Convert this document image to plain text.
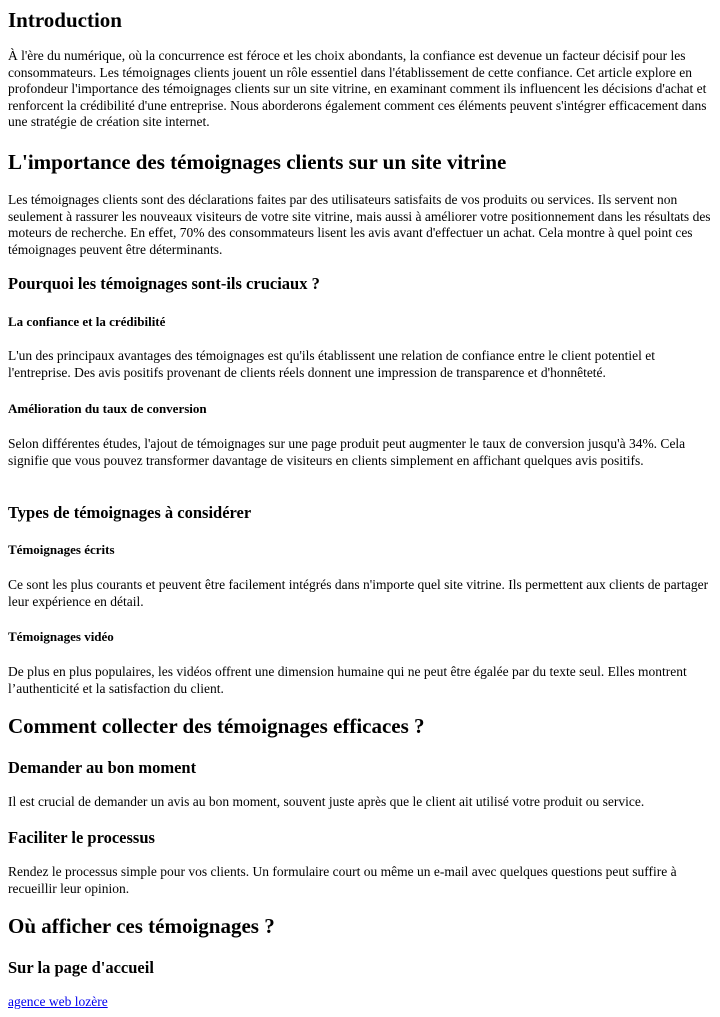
Introduction

À l'ère du numérique, où la concurrence est féroce et les choix abondants, la confiance est devenue un facteur décisif pour les consommateurs. Les témoignages clients jouent un rôle essentiel dans l'établissement de cette confiance. Cet article explore en profondeur l'importance des témoignages clients sur un site vitrine, en examinant comment ils influencent les décisions d'achat et renforcent la crédibilité d'une entreprise. Nous aborderons également comment ces éléments peuvent s'intégrer efficacement dans une stratégie de création site internet.

L'importance des témoignages clients sur un site vitrine

Les témoignages clients sont des déclarations faites par des utilisateurs satisfaits de vos produits ou services. Ils servent non seulement à rassurer les nouveaux visiteurs de votre site vitrine, mais aussi à améliorer votre positionnement dans les résultats des moteurs de recherche. En effet, 70% des consommateurs lisent les avis avant d'effectuer un achat. Cela montre à quel point ces témoignages peuvent être déterminants.

Pourquoi les témoignages sont-ils cruciaux ?
La confiance et la crédibilité

L'un des principaux avantages des témoignages est qu'ils établissent une relation de confiance entre le client potentiel et l'entreprise. Des avis positifs provenant de clients réels donnent une impression de transparence et d'honnêteté.

Amélioration du taux de conversion

Selon différentes études, l'ajout de témoignages sur une page produit peut augmenter le taux de conversion jusqu'à 34%. Cela signifie que vous pouvez transformer davantage de visiteurs en clients simplement en affichant quelques avis positifs.

Types de témoignages à considérer
Témoignages écrits

Ce sont les plus courants et peuvent être facilement intégrés dans n'importe quel site vitrine. Ils permettent aux clients de partager leur expérience en détail.

Témoignages vidéo

De plus en plus populaires, les vidéos offrent une dimension humaine qui ne peut être égalée par du texte seul. Elles montrent l’authenticité et la satisfaction du client.

Comment collecter des témoignages efficaces ?
Demander au bon moment

Il est crucial de demander un avis au bon moment, souvent juste après que le client ait utilisé votre produit ou service.

Faciliter le processus

Rendez le processus simple pour vos clients. Un formulaire court ou même un e-mail avec quelques questions peut suffire à recueillir leur opinion.

Où afficher ces témoignages ?
Sur la page d'accueil
agence web lozère
